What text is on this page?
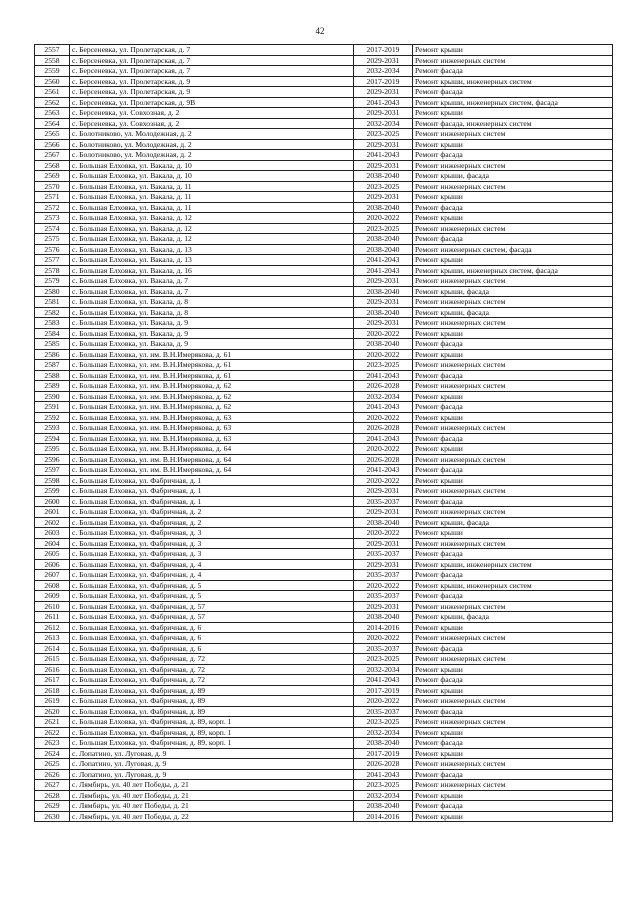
42
2557	с. Берсеневка, ул. Пролетарская, д. 7	2017-2019	Ремонт крыши
2558	с. Берсеневка, ул. Пролетарская, д. 7	2029-2031	Ремонт инженерных систем
2559	с. Берсеневка, ул. Пролетарская, д. 7	2032-2034	Ремонт фасада
2560	с. Берсеневка, ул. Пролетарская, д. 9	2017-2019	Ремонт крыши, инженерных систем
2561	с. Берсеневка, ул. Пролетарская, д. 9	2029-2031	Ремонт фасада
2562	с. Берсеневка, ул. Пролетарская, д. 9В	2041-2043	Ремонт крыши, инженерных систем, фасада
2563	с. Берсеневка, ул. Совхозная, д. 2	2029-2031	Ремонт крыши
2564	с. Берсеневка, ул. Совхозная, д. 2	2032-2034	Ремонт фасада, инженерных систем
2565	с. Болотниково, ул. Молодежная, д. 2	2023-2025	Ремонт инженерных систем
2566	с. Болотниково, ул. Молодежная, д. 2	2029-2031	Ремонт крыши
2567	с. Болотниково, ул. Молодежная, д. 2	2041-2043	Ремонт фасада
2568	с. Большая Елховка, ул. Вакала, д. 10	2029-2031	Ремонт инженерных систем
2569	с. Большая Елховка, ул. Вакала, д. 10	2038-2040	Ремонт крыши, фасада
2570	с. Большая Елховка, ул. Вакала, д. 11	2023-2025	Ремонт инженерных систем
2571	с. Большая Елховка, ул. Вакала, д. 11	2029-2031	Ремонт крыши
2572	с. Большая Елховка, ул. Вакала, д. 11	2038-2040	Ремонт фасада
2573	с. Большая Елховка, ул. Вакала, д. 12	2020-2022	Ремонт крыши
2574	с. Большая Елховка, ул. Вакала, д. 12	2023-2025	Ремонт инженерных систем
2575	с. Большая Елховка, ул. Вакала, д. 12	2038-2040	Ремонт фасада
2576	с. Большая Елховка, ул. Вакала, д. 13	2038-2040	Ремонт инженерных систем, фасада
2577	с. Большая Елховка, ул. Вакала, д. 13	2041-2043	Ремонт крыши
2578	с. Большая Елховка, ул. Вакала, д. 16	2041-2043	Ремонт крыши, инженерных систем, фасада
2579	с. Большая Елховка, ул. Вакала, д. 7	2029-2031	Ремонт инженерных систем
2580	с. Большая Елховка, ул. Вакала, д. 7	2038-2040	Ремонт крыши, фасада
2581	с. Большая Елховка, ул. Вакала, д. 8	2029-2031	Ремонт инженерных систем
2582	с. Большая Елховка, ул. Вакала, д. 8	2038-2040	Ремонт крыши, фасада
2583	с. Большая Елховка, ул. Вакала, д. 9	2029-2031	Ремонт инженерных систем
2584	с. Большая Елховка, ул. Вакала, д. 9	2020-2022	Ремонт крыши
2585	с. Большая Елховка, ул. Вакала, д. 9	2038-2040	Ремонт фасада
2586	с. Большая Елховка, ул. им. В.Н.Имерякова, д. 61	2020-2022	Ремонт крыши
2587	с. Большая Елховка, ул. им. В.Н.Имерякова, д. 61	2023-2025	Ремонт инженерных систем
2588	с. Большая Елховка, ул. им. В.Н.Имерякова, д. 61	2041-2043	Ремонт фасада
2589	с. Большая Елховка, ул. им. В.Н.Имерякова, д. 62	2026-2028	Ремонт инженерных систем
2590	с. Большая Елховка, ул. им. В.Н.Имерякова, д. 62	2032-2034	Ремонт крыши
2591	с. Большая Елховка, ул. им. В.Н.Имерякова, д. 62	2041-2043	Ремонт фасада
2592	с. Большая Елховка, ул. им. В.Н.Имерякова, д. 63	2020-2022	Ремонт крыши
2593	с. Большая Елховка, ул. им. В.Н.Имерякова, д. 63	2026-2028	Ремонт инженерных систем
2594	с. Большая Елховка, ул. им. В.Н.Имерякова, д. 63	2041-2043	Ремонт фасада
2595	с. Большая Елховка, ул. им. В.Н.Имерякова, д. 64	2020-2022	Ремонт крыши
2596	с. Большая Елховка, ул. им. В.Н.Имерякова, д. 64	2026-2028	Ремонт инженерных систем
2597	с. Большая Елховка, ул. им. В.Н.Имерякова, д. 64	2041-2043	Ремонт фасада
2598	с. Большая Елховка, ул. Фабричная, д. 1	2020-2022	Ремонт крыши
2599	с. Большая Елховка, ул. Фабричная, д. 1	2029-2031	Ремонт инженерных систем
2600	с. Большая Елховка, ул. Фабричная, д. 1	2035-2037	Ремонт фасада
2601	с. Большая Елховка, ул. Фабричная, д. 2	2029-2031	Ремонт инженерных систем
2602	с. Большая Елховка, ул. Фабричная, д. 2	2038-2040	Ремонт крыши, фасада
2603	с. Большая Елховка, ул. Фабричная, д. 3	2020-2022	Ремонт крыши
2604	с. Большая Елховка, ул. Фабричная, д. 3	2029-2031	Ремонт инженерных систем
2605	с. Большая Елховка, ул. Фабричная, д. 3	2035-2037	Ремонт фасада
2606	с. Большая Елховка, ул. Фабричная, д. 4	2029-2031	Ремонт крыши, инженерных систем
2607	с. Большая Елховка, ул. Фабричная, д. 4	2035-2037	Ремонт фасада
2608	с. Большая Елховка, ул. Фабричная, д. 5	2020-2022	Ремонт крыши, инженерных систем
2609	с. Большая Елховка, ул. Фабричная, д. 5	2035-2037	Ремонт фасада
2610	с. Большая Елховка, ул. Фабричная, д. 57	2029-2031	Ремонт инженерных систем
2611	с. Большая Елховка, ул. Фабричная, д. 57	2038-2040	Ремонт крыши, фасада
2612	с. Большая Елховка, ул. Фабричная, д. 6	2014-2016	Ремонт крыши
2613	с. Большая Елховка, ул. Фабричная, д. 6	2020-2022	Ремонт инженерных систем
2614	с. Большая Елховка, ул. Фабричная, д. 6	2035-2037	Ремонт фасада
2615	с. Большая Елховка, ул. Фабричная, д. 72	2023-2025	Ремонт инженерных систем
2616	с. Большая Елховка, ул. Фабричная, д. 72	2032-2034	Ремонт крыши
2617	с. Большая Елховка, ул. Фабричная, д. 72	2041-2043	Ремонт фасада
2618	с. Большая Елховка, ул. Фабричная, д. 89	2017-2019	Ремонт крыши
2619	с. Большая Елховка, ул. Фабричная, д. 89	2020-2022	Ремонт инженерных систем
2620	с. Большая Елховка, ул. Фабричная, д. 89	2035-2037	Ремонт фасада
2621	с. Большая Елховка, ул. Фабричная, д. 89, корп. 1	2023-2025	Ремонт инженерных систем
2622	с. Большая Елховка, ул. Фабричная, д. 89, корп. 1	2032-2034	Ремонт крыши
2623	с. Большая Елховка, ул. Фабричная, д. 89, корп. 1	2038-2040	Ремонт фасада
2624	с. Лопатино, ул. Луговая, д. 9	2017-2019	Ремонт крыши
2625	с. Лопатино, ул. Луговая, д. 9	2026-2028	Ремонт инженерных систем
2626	с. Лопатино, ул. Луговая, д. 9	2041-2043	Ремонт фасада
2627	с. Лямбирь, ул. 40 лет Победы, д. 21	2023-2025	Ремонт инженерных систем
2628	с. Лямбирь, ул. 40 лет Победы, д. 21	2032-2034	Ремонт крыши
2629	с. Лямбирь, ул. 40 лет Победы, д. 21	2038-2040	Ремонт фасада
2630	с. Лямбирь, ул. 40 лет Победы, д. 22	2014-2016	Ремонт крыши
